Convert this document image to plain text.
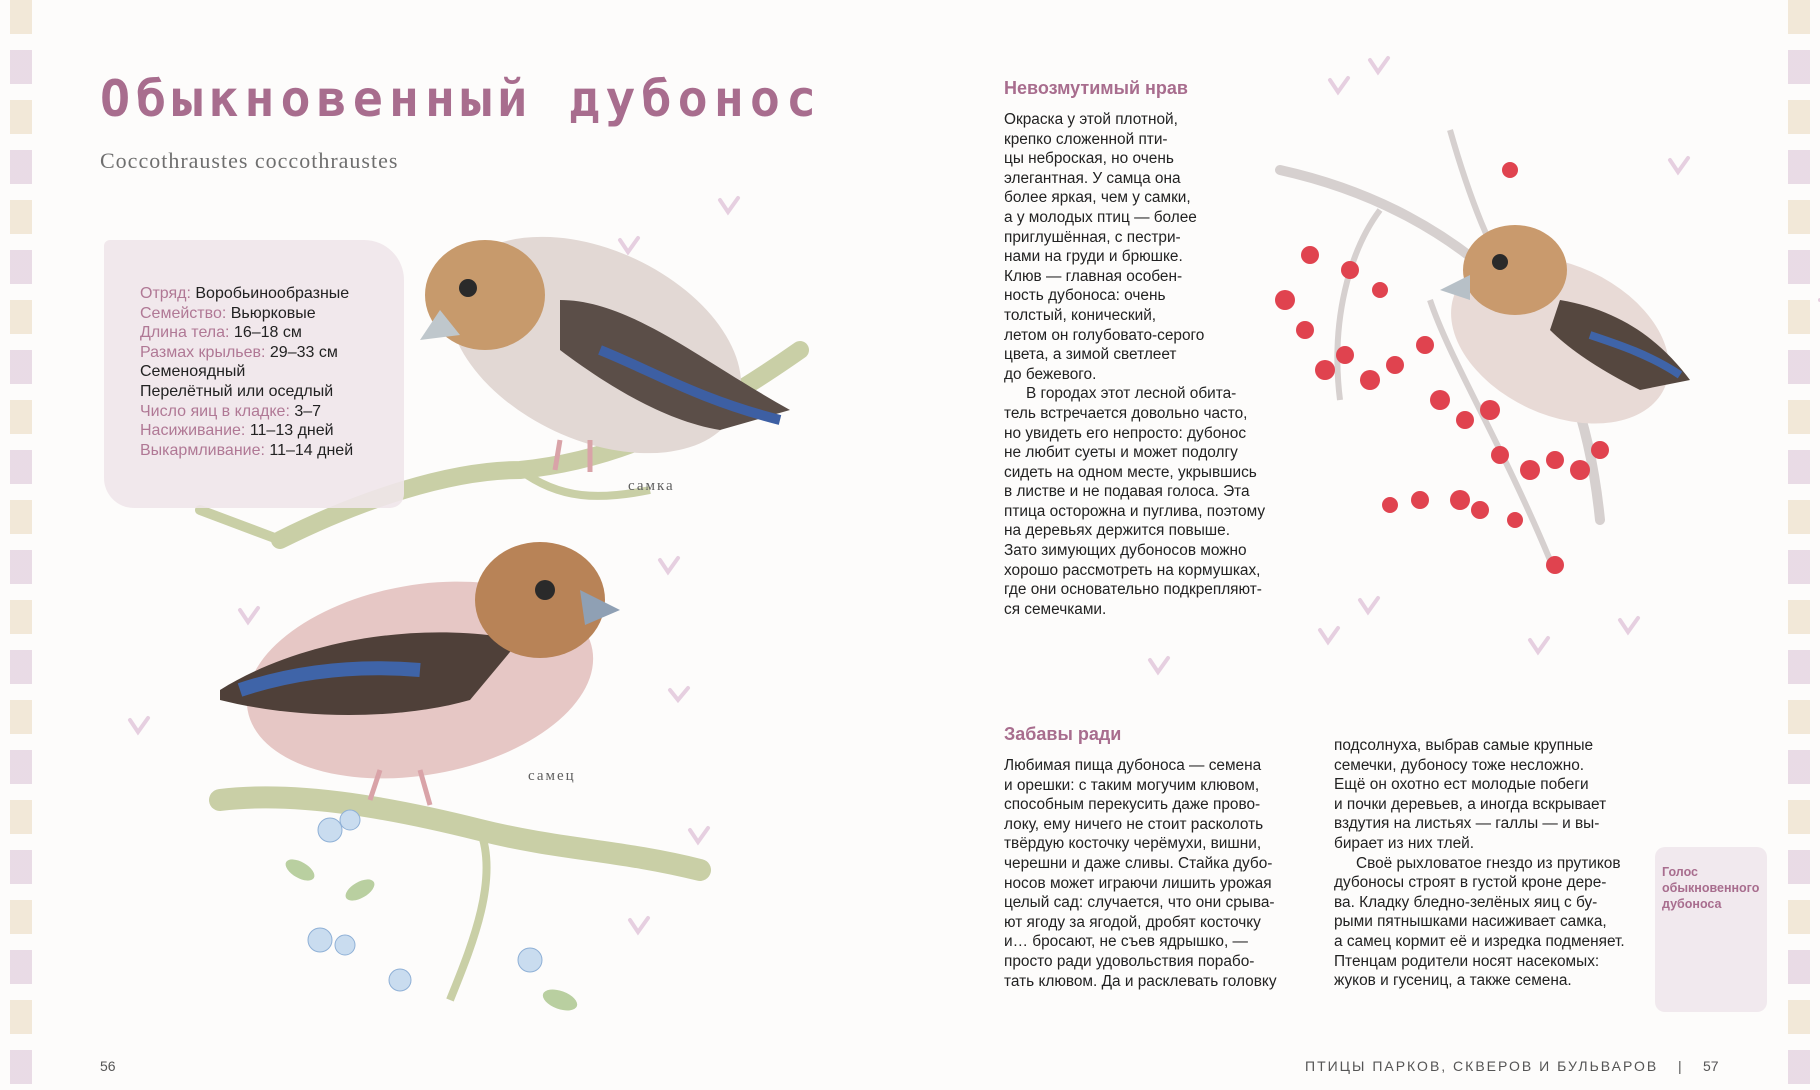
Обыкновенный дубонос
Coccothraustes coccothraustes
Отряд: Воробьинообразные
Семейство: Вьюрковые
Длина тела: 16–18 см
Размах крыльев: 29–33 см
Семеноядный
Перелётный или оседлый
Число яиц в кладке: 3–7
Насиживание: 11–13 дней
Выкармливание: 11–14 дней
самка
самец
56
Невозмутимый нрав
Окраска у этой плотной,
крепко сложенной пти-
цы неброская, но очень
элегантная. У самца она
более яркая, чем у самки,
а у молодых птиц — более
приглушённая, с пестри-
нами на груди и брюшке.
Клюв — главная особен-
ность дубоноса: очень
толстый, конический,
летом он голубовато-серого
цвета, а зимой светлеет
до бежевого.
В городах этот лесной обита-
тель встречается довольно часто,
но увидеть его непросто: дубонос
не любит суеты и может подолгу
сидеть на одном месте, укрывшись
в листве и не подавая голоса. Эта
птица осторожна и пуглива, поэтому
на деревьях держится повыше.
Зато зимующих дубоносов можно
хорошо рассмотреть на кормушках,
где они основательно подкрепляют-
ся семечками.
Забавы ради
Любимая пища дубоноса — семена
и орешки: с таким могучим клювом,
способным перекусить даже прово-
локу, ему ничего не стоит расколоть
твёрдую косточку черёмухи, вишни,
черешни и даже сливы. Стайка дубо-
носов может играючи лишить урожая
целый сад: случается, что они срыва-
ют ягоду за ягодой, дробят косточку
и… бросают, не съев ядрышко, —
просто ради удовольствия порабо-
тать клювом. Да и расклевать головку
подсолнуха, выбрав самые крупные
семечки, дубоносу тоже несложно.
Ещё он охотно ест молодые побеги
и почки деревьев, а иногда вскрывает
вздутия на листьях — галлы — и вы-
бирает из них тлей.
Своё рыхловатое гнездо из прутиков
дубоносы строят в густой кроне дере-
ва. Кладку бледно-зелёных яиц с бу-
рыми пятнышками насиживает самка,
а самец кормит её и изредка подменяет.
Птенцам родители носят насекомых:
жуков и гусениц, а также семена.
Голос
обыкновенного
дубоноса
ПТИЦЫ ПАРКОВ, СКВЕРОВ И БУЛЬВАРОВ | 57
